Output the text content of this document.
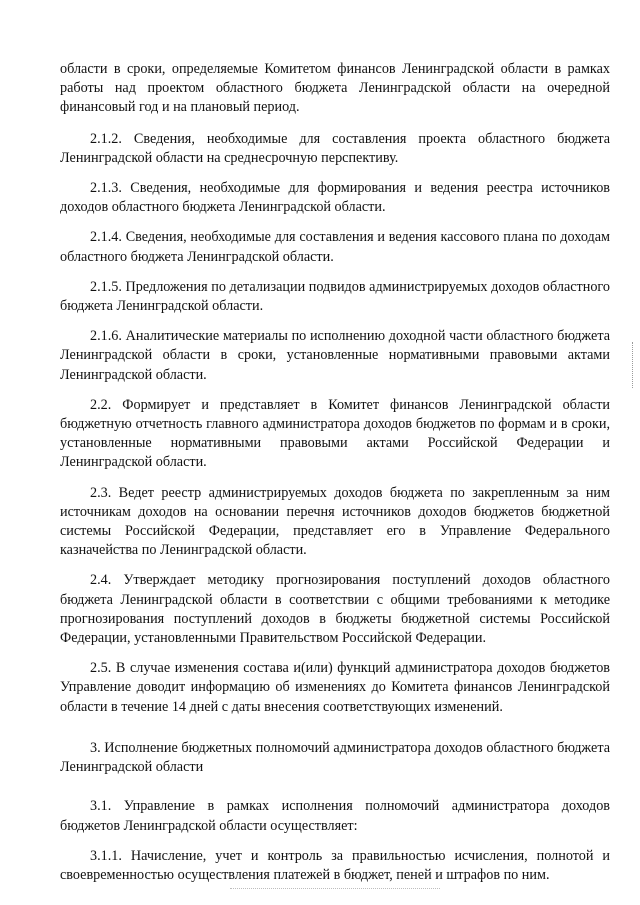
области в сроки, определяемые Комитетом финансов Ленинградской области в рамках работы над проектом областного бюджета Ленинградской области на очередной финансовый год и на плановый период.

2.1.2. Сведения, необходимые для составления проекта областного бюджета Ленинградской области на среднесрочную перспективу.

2.1.3. Сведения, необходимые для формирования и ведения реестра источников доходов областного бюджета Ленинградской области.

2.1.4. Сведения, необходимые для составления и ведения кассового плана по доходам областного бюджета Ленинградской области.

2.1.5. Предложения по детализации подвидов администрируемых доходов областного бюджета Ленинградской области.

2.1.6. Аналитические материалы по исполнению доходной части областного бюджета Ленинградской области в сроки, установленные нормативными правовыми актами Ленинградской области.

2.2. Формирует и представляет в Комитет финансов Ленинградской области бюджетную отчетность главного администратора доходов бюджетов по формам и в сроки, установленные нормативными правовыми актами Российской Федерации и Ленинградской области.

2.3. Ведет реестр администрируемых доходов бюджета по закрепленным за ним источникам доходов на основании перечня источников доходов бюджетов бюджетной системы Российской Федерации, представляет его в Управление Федерального казначейства по Ленинградской области.

2.4. Утверждает методику прогнозирования поступлений доходов областного бюджета Ленинградской области в соответствии с общими требованиями к методике прогнозирования поступлений доходов в бюджеты бюджетной системы Российской Федерации, установленными Правительством Российской Федерации.

2.5. В случае изменения состава и(или) функций администратора доходов бюджетов Управление доводит информацию об изменениях до Комитета финансов Ленинградской области в течение 14 дней с даты внесения соответствующих изменений.

3. Исполнение бюджетных полномочий администратора доходов областного бюджета Ленинградской области

3.1. Управление в рамках исполнения полномочий администратора доходов бюджетов Ленинградской области осуществляет:

3.1.1. Начисление, учет и контроль за правильностью исчисления, полнотой и своевременностью осуществления платежей в бюджет, пеней и штрафов по ним.
